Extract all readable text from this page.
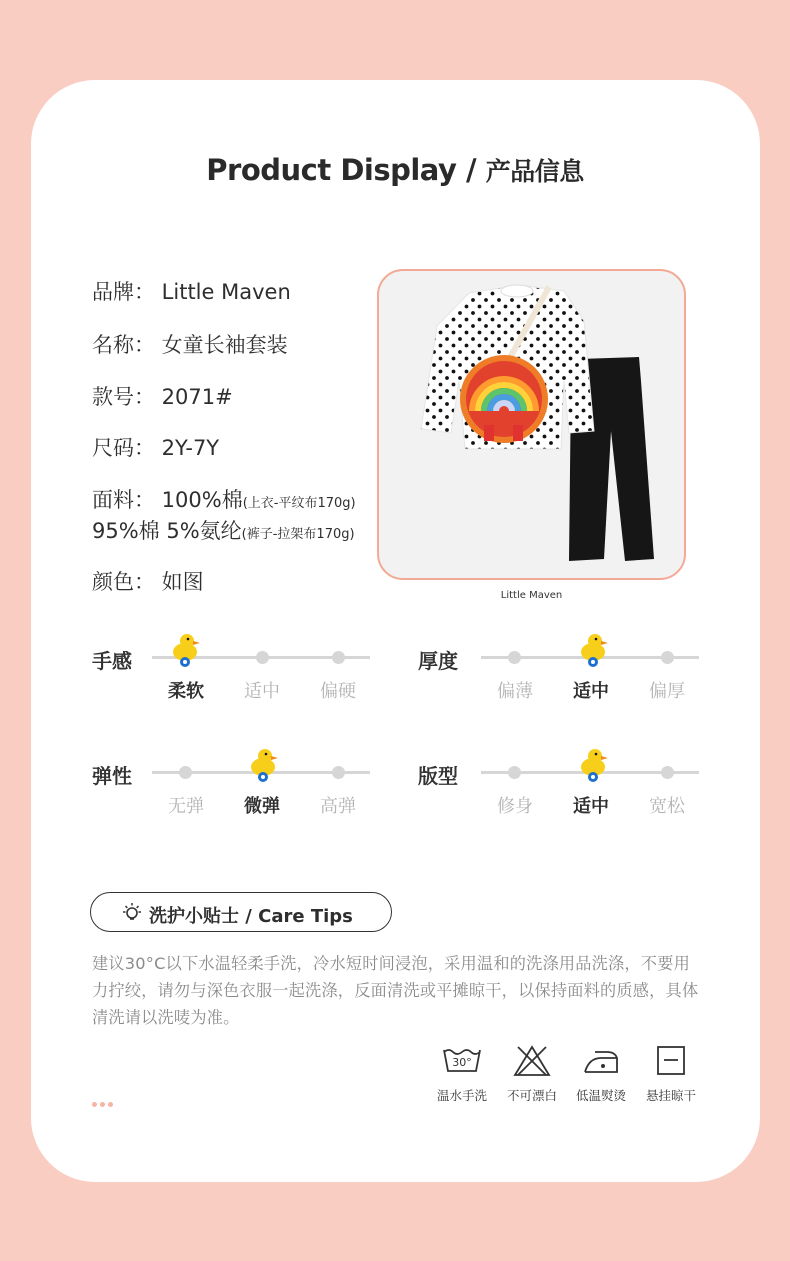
Product Display / 产品信息
品牌： Little Maven
名称： 女童长袖套装
款号： 2071#
尺码： 2Y-7Y
面料： 100%棉(上衣-平纹布170g)
95%棉 5%氨纶(裤子-拉架布170g)
颜色： 如图
Little Maven
手感
柔软	适中	偏硬
厚度
偏薄	适中	偏厚
弹性
无弹	微弹	高弹
版型
修身	适中	宽松
洗护小贴士 / Care Tips
建议30°C以下水温轻柔手洗，冷水短时间浸泡，采用温和的洗涤用品洗涤，不要用力拧绞，请勿与深色衣服一起洗涤，反面清洗或平摊晾干，以保持面料的质感，具体清洗请以洗唛为准。
30°
温水手洗	不可漂白	低温熨烫	悬挂晾干
